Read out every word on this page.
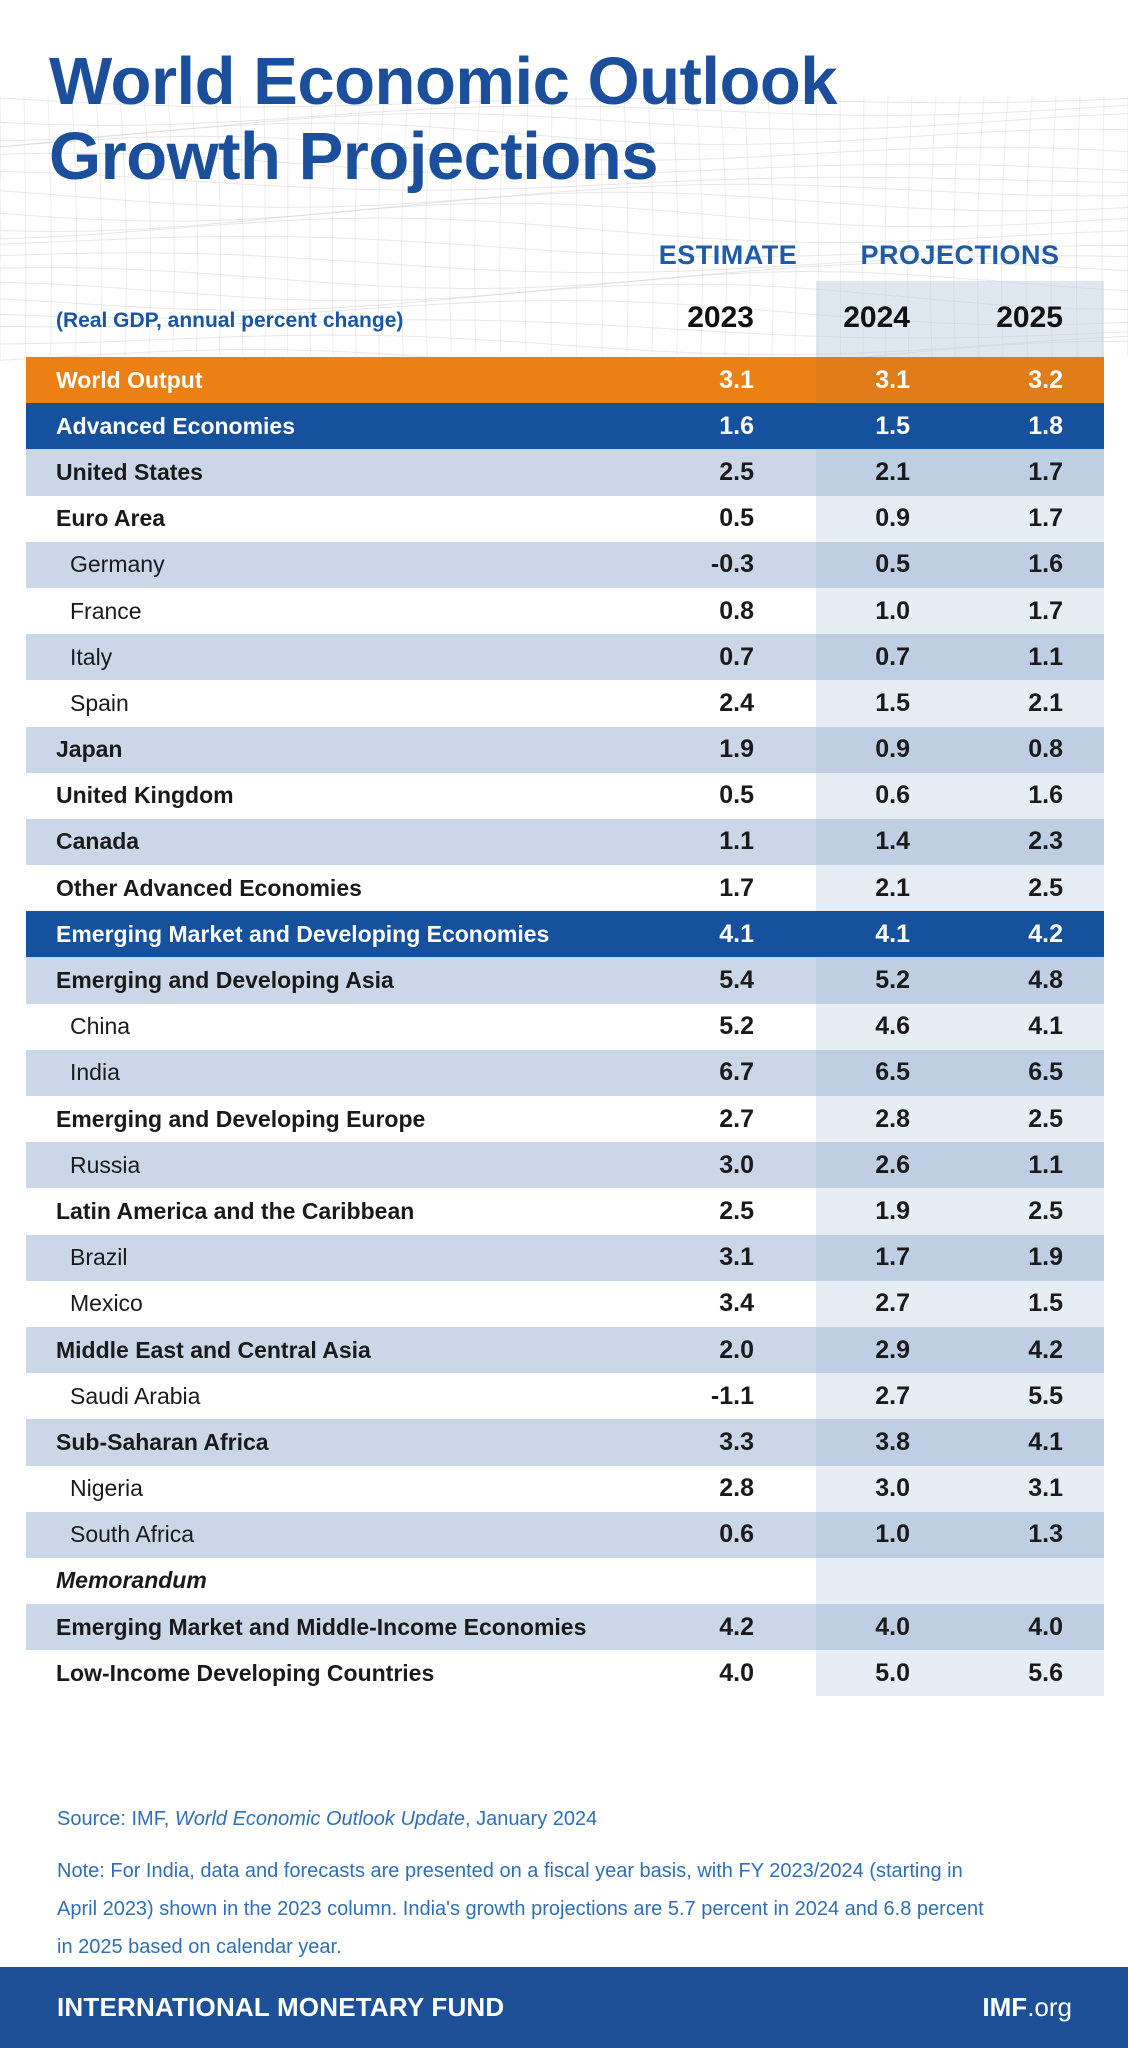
World Economic Outlook
Growth Projections
ESTIMATE	PROJECTIONS
(Real GDP, annual percent change)	2023	2024	2025
World Output	3.1	3.1	3.2
Advanced Economies	1.6	1.5	1.8
United States	2.5	2.1	1.7
Euro Area	0.5	0.9	1.7
Germany	-0.3	0.5	1.6
France	0.8	1.0	1.7
Italy	0.7	0.7	1.1
Spain	2.4	1.5	2.1
Japan	1.9	0.9	0.8
United Kingdom	0.5	0.6	1.6
Canada	1.1	1.4	2.3
Other Advanced Economies	1.7	2.1	2.5
Emerging Market and Developing Economies	4.1	4.1	4.2
Emerging and Developing Asia	5.4	5.2	4.8
China	5.2	4.6	4.1
India	6.7	6.5	6.5
Emerging and Developing Europe	2.7	2.8	2.5
Russia	3.0	2.6	1.1
Latin America and the Caribbean	2.5	1.9	2.5
Brazil	3.1	1.7	1.9
Mexico	3.4	2.7	1.5
Middle East and Central Asia	2.0	2.9	4.2
Saudi Arabia	-1.1	2.7	5.5
Sub-Saharan Africa	3.3	3.8	4.1
Nigeria	2.8	3.0	3.1
South Africa	0.6	1.0	1.3
Memorandum
Emerging Market and Middle-Income Economies	4.2	4.0	4.0
Low-Income Developing Countries	4.0	5.0	5.6
Source: IMF, World Economic Outlook Update, January 2024
Note: For India, data and forecasts are presented on a fiscal year basis, with FY 2023/2024 (starting in
April 2023) shown in the 2023 column. India's growth projections are 5.7 percent in 2024 and 6.8 percent
in 2025 based on calendar year.
INTERNATIONAL MONETARY FUND	IMF.org
